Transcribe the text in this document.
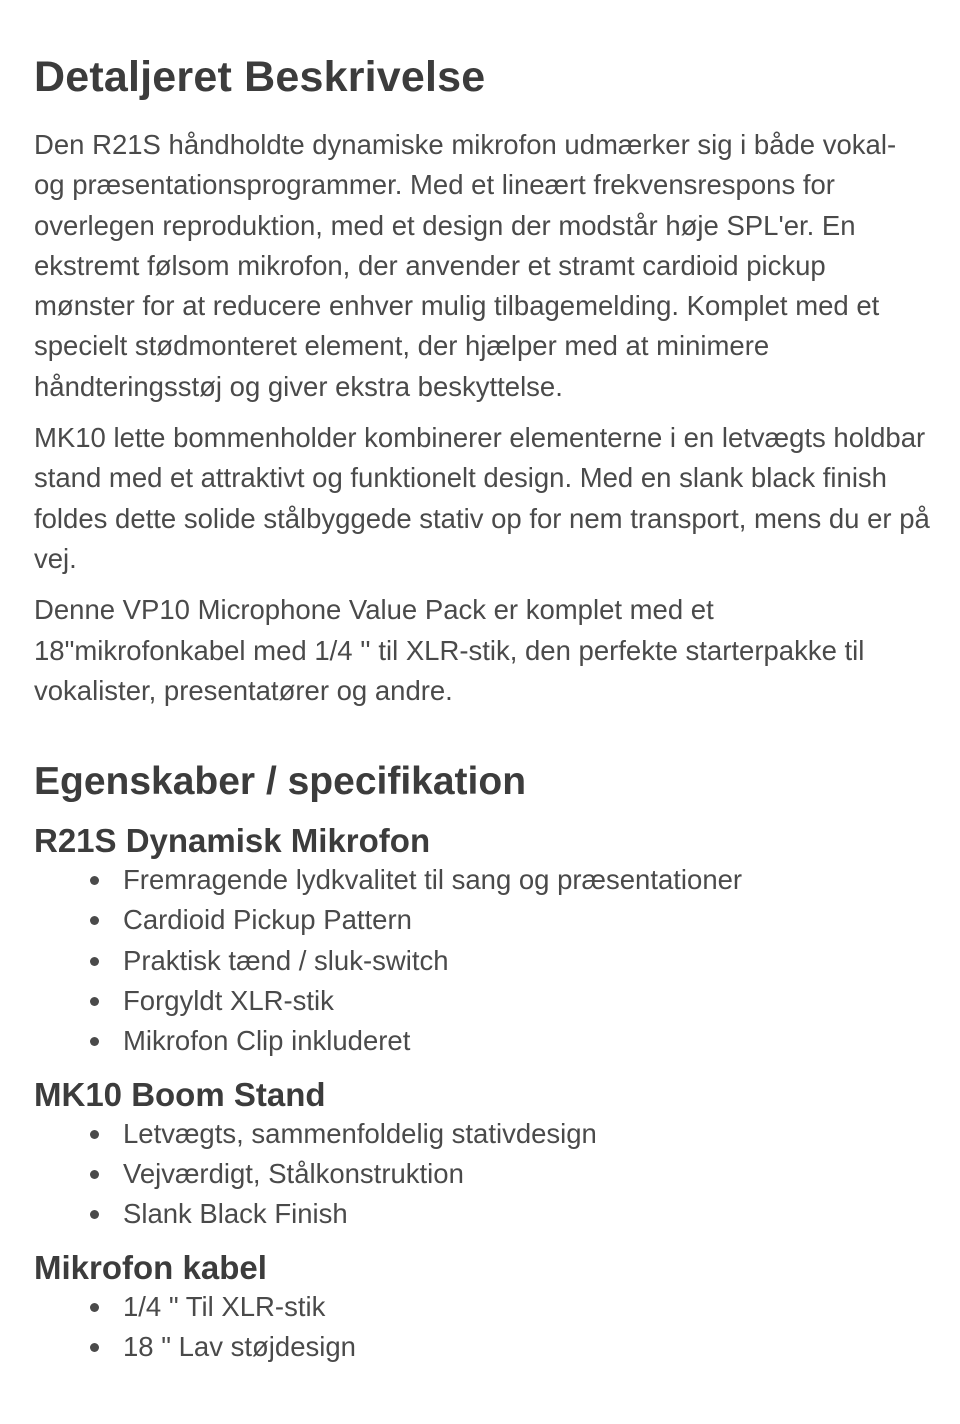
Detaljeret Beskrivelse

Den R21S håndholdte dynamiske mikrofon udmærker sig i både vokal- og præsentationsprogrammer. Med et lineært frekvensrespons for overlegen reproduktion, med et design der modstår høje SPL'er. En ekstremt følsom mikrofon, der anvender et stramt cardioid pickup mønster for at reducere enhver mulig tilbagemelding. Komplet med et specielt stødmonteret element, der hjælper med at minimere håndteringsstøj og giver ekstra beskyttelse.

MK10 lette bommenholder kombinerer elementerne i en letvægts holdbar stand med et attraktivt og funktionelt design. Med en slank black finish foldes dette solide stålbyggede stativ op for nem transport, mens du er på vej.

Denne VP10 Microphone Value Pack er komplet med et 18"mikrofonkabel med 1/4 '' til XLR-stik, den perfekte starterpakke til vokalister, presentatører og andre.

Egenskaber / specifikation
R21S Dynamisk Mikrofon
Fremragende lydkvalitet til sang og præsentationer
Cardioid Pickup Pattern
Praktisk tænd / sluk-switch
Forgyldt XLR-stik
Mikrofon Clip inkluderet
MK10 Boom Stand
Letvægts, sammenfoldelig stativdesign
Vejværdigt, Stålkonstruktion
Slank Black Finish
Mikrofon kabel
1/4 " Til XLR-stik
18 " Lav støjdesign
